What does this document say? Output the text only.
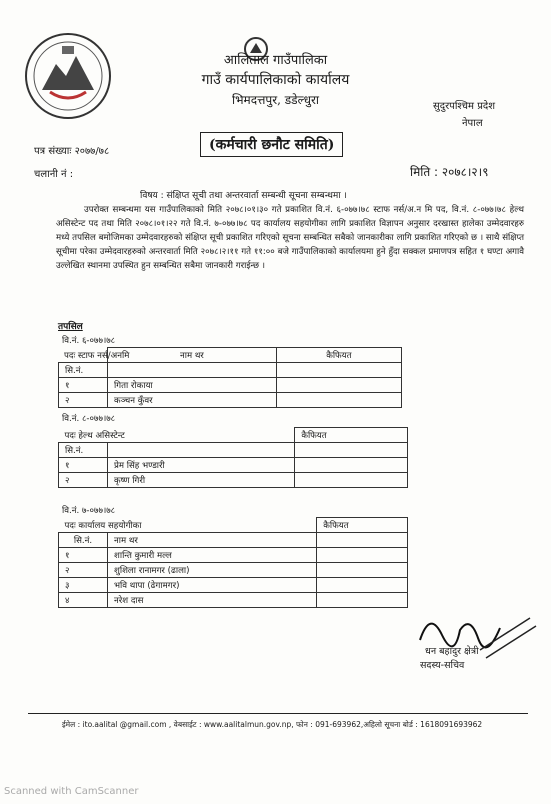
आलिताल गाउँपालिका
गाउँ कार्यपालिकाको कार्यालय
भिमदत्तपुर, डडेल्धुरा	सुदुरपश्चिम प्रदेश
नेपाल
पत्र संख्याः २०७७/७८	(कर्मचारी छनौट समिति)
चलानी नं :	मिति : २०७८।२।९
विषय : संक्षिप्त सूची तथा अन्तरवार्ता सम्बन्धी सूचना सम्बन्धमा ।

उपरोक्त सम्बन्धमा यस गाउँपालिकाको मिति २०७८।०१।३० गते प्रकाशित वि.नं. ६-०७७।७८ स्टाफ नर्स/अ.न मि पद, वि.नं. ८-०७७।७८ हेल्थ असिस्टेन्ट पद तथा मिति २०७८।०१।२२ गते वि.नं. ७-०७७।७८ पद कार्यालय सहयोगीका लागि प्रकाशित विज्ञापन अनुसार दरखास्त हालेका उम्मेदवारहरु मध्ये तपसिल बमोजिमका उम्मेदवारहरुको संक्षिप्त सूची प्रकाशित गरिएको सूचना सम्बन्धित सबैको जानकारीका लागि प्रकाशित गरिएको छ । साथै संक्षिप्त सूचीमा परेका उम्मेदवारहरुको अन्तरवार्ता मिति २०७८।२।११ गते ११:०० बजे गाउँपालिकाको कार्यालयमा हुने हुँदा सक्कल प्रमाणपत्र सहित १ घण्टा अगावै उल्लेखित स्थानमा उपस्थित हुन सम्बन्धित सबैमा जानकारी गराईन्छ ।

तपसिल
वि.नं. ६-०७७।७८
पदः स्टाफ नर्स/अनमि
		नाम थर	कैफियत
सि.नं.		
१	गिता रोकाया	
२	कञ्चन कुँवर	
वि.नं. ८-०७७।७८
पदः हेल्थ असिस्टेन्ट		कैफियत
सि.नं.		
१	प्रेम सिंह भण्डारी	
२	कृष्ण गिरी	
वि.नं. ७-०७७।७८
पदः कार्यालय सहयोगीका		कैफियत
सि.नं.	नाम थर	
१	शान्ति कुमारी मल्ल	
२	शुशिला रानामगर (ढाला)	
३	भवि थापा (ढेगामगर)	
४	नरेश दास	
धन बहादुर क्षेत्री
सदस्य-सचिव
ईमेल : ito.aalital @gmail.com , वेबसाईट : www.aalitalmun.gov.np, फोन : 091-693962,अहिलो सूचना बोर्ड : 1618091693962
Scanned with CamScanner
